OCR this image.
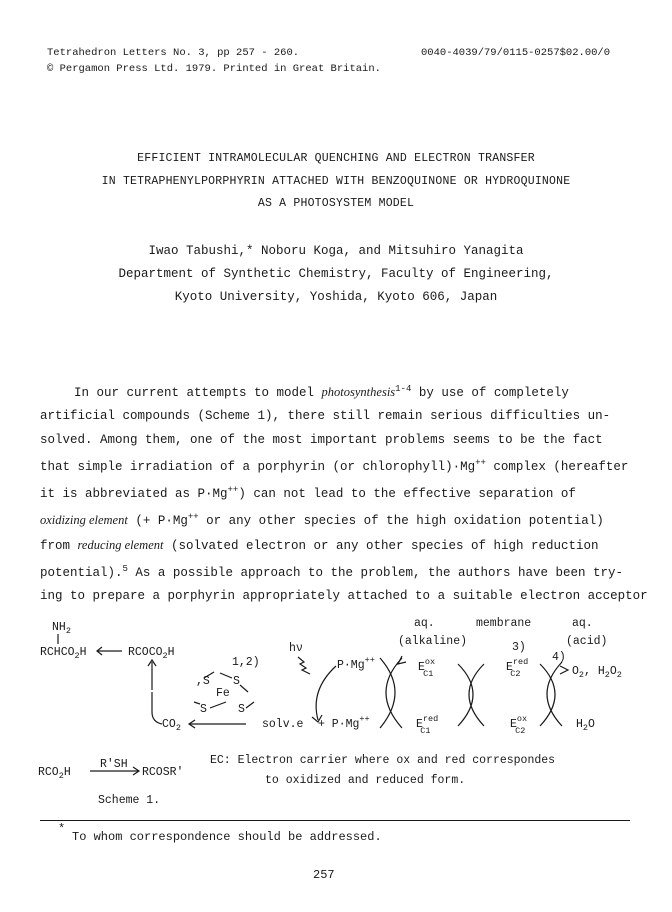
Tetrahedron Letters No. 3, pp 257 - 260.
© Pergamon Press Ltd. 1979. Printed in Great Britain.
0040-4039/79/0115-0257$02.00/0
EFFICIENT INTRAMOLECULAR QUENCHING AND ELECTRON TRANSFER
IN TETRAPHENYLPORPHYRIN ATTACHED WITH BENZOQUINONE OR HYDROQUINONE
AS A PHOTOSYSTEM MODEL
Iwao Tabushi,* Noboru Koga, and Mitsuhiro Yanagita
Department of Synthetic Chemistry, Faculty of Engineering,
Kyoto University, Yoshida, Kyoto 606, Japan

In our current attempts to model photosynthesis$^{1-4}$ by use of completely

artificial compounds (Scheme 1), there still remain serious difficulties un-

solved. Among them, one of the most important problems seems to be the fact

that simple irradiation of a porphyrin (or chlorophyll)·Mg++ complex (hereafter

it is abbreviated as P·Mg++) can not lead to the effective separation of

oxidizing element (+ P·Mg++ or any other species of the high oxidation potential)

from reducing element (solvated electron or any other species of high reduction

potential).$^5$ As a possible approach to the problem, the authors have been try-

ing to prepare a porphyrin appropriately attached to a suitable electron acceptor

$NH_2$
$RCHCO_2H$	$RCOCO_2H$
1,2)
,S S
Fe
S	S
$CO_2$	solv.e
$RCO_2H$
R'SH
RCOSR'
hν
P·Mg++
+ P·Mg++
aq.
(alkaline)
membrane	aq.
(acid)
3)
4)
$E^{ox}$ C1
$E^{red}$ C1
$E^{red}$ C2
$E^{ox}$ C2
$O_2$, $H_2O_2$
$H_2O$
EC: Electron carrier where ox and red correspondes
to oxidized and reduced form.
Scheme 1.
*
To whom correspondence should be addressed.
257
